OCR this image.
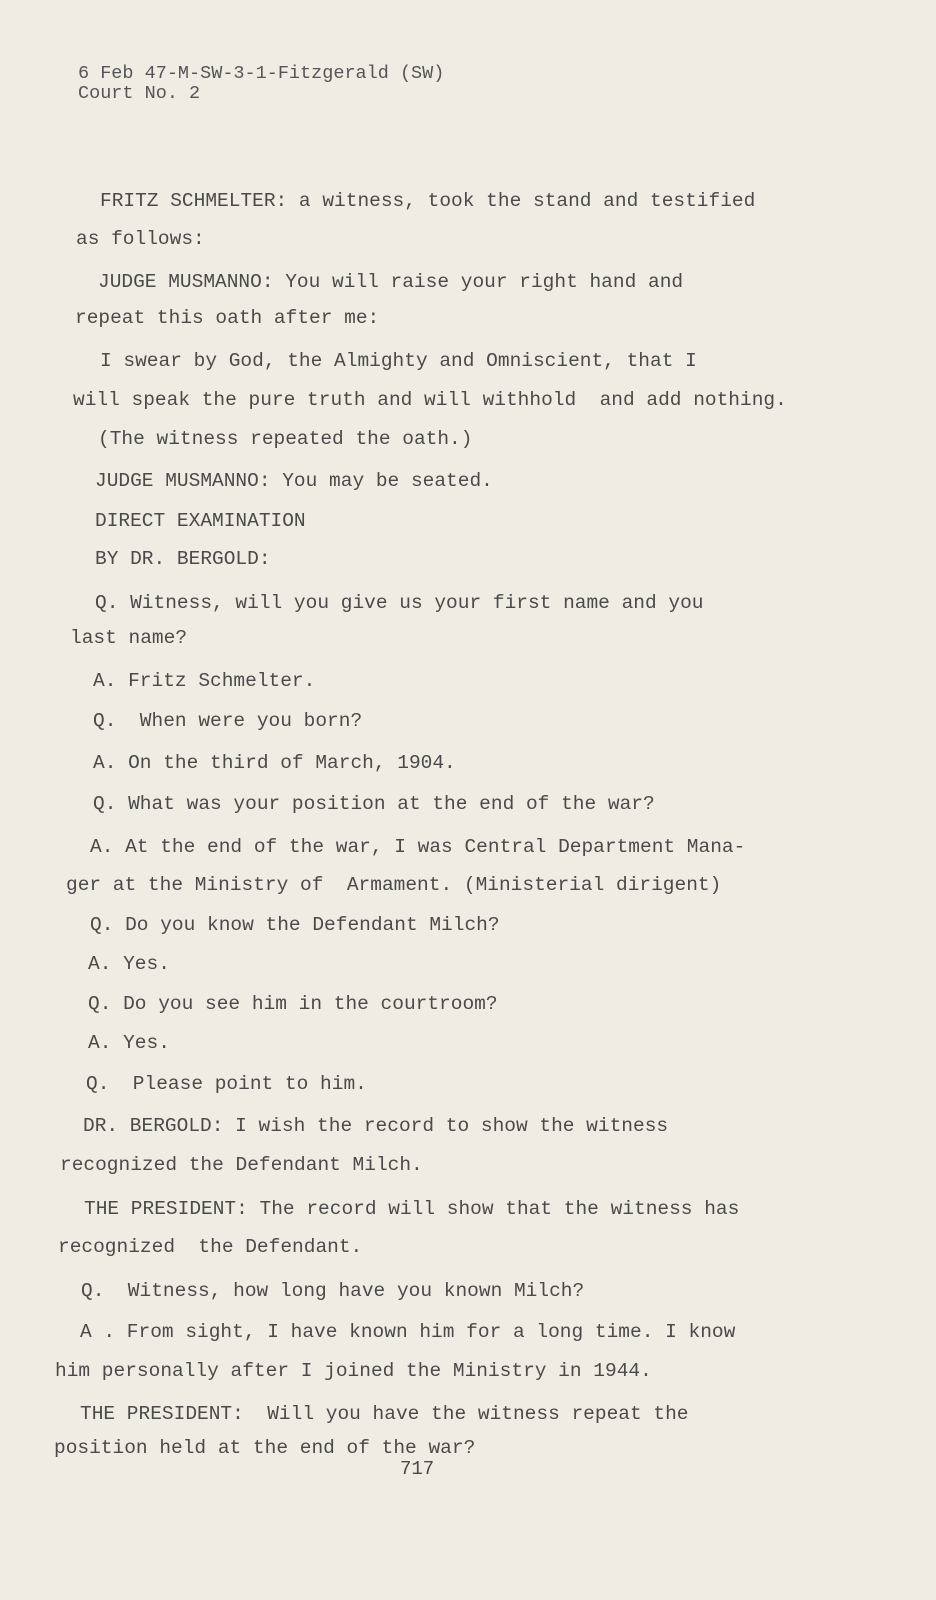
6 Feb 47-M-SW-3-1-Fitzgerald (SW)
Court No. 2
FRITZ SCHMELTER: a witness, took the stand and testified
as follows:
JUDGE MUSMANNO: You will raise your right hand and
repeat this oath after me:
I swear by God, the Almighty and Omniscient, that I
will speak the pure truth and will withhold  and add nothing.
(The witness repeated the oath.)
JUDGE MUSMANNO: You may be seated.
DIRECT EXAMINATION
BY DR. BERGOLD:
Q. Witness, will you give us your first name and you
last name?
A. Fritz Schmelter.
Q.  When were you born?
A. On the third of March, 1904.
Q. What was your position at the end of the war?
A. At the end of the war, I was Central Department Mana-
ger at the Ministry of  Armament. (Ministerial dirigent)
Q. Do you know the Defendant Milch?
A. Yes.
Q. Do you see him in the courtroom?
A. Yes.
Q.  Please point to him.
DR. BERGOLD: I wish the record to show the witness
recognized the Defendant Milch.
THE PRESIDENT: The record will show that the witness has
recognized  the Defendant.
Q.  Witness, how long have you known Milch?
A . From sight, I have known him for a long time. I know
him personally after I joined the Ministry in 1944.
THE PRESIDENT:  Will you have the witness repeat the
position held at the end of the war?
717
